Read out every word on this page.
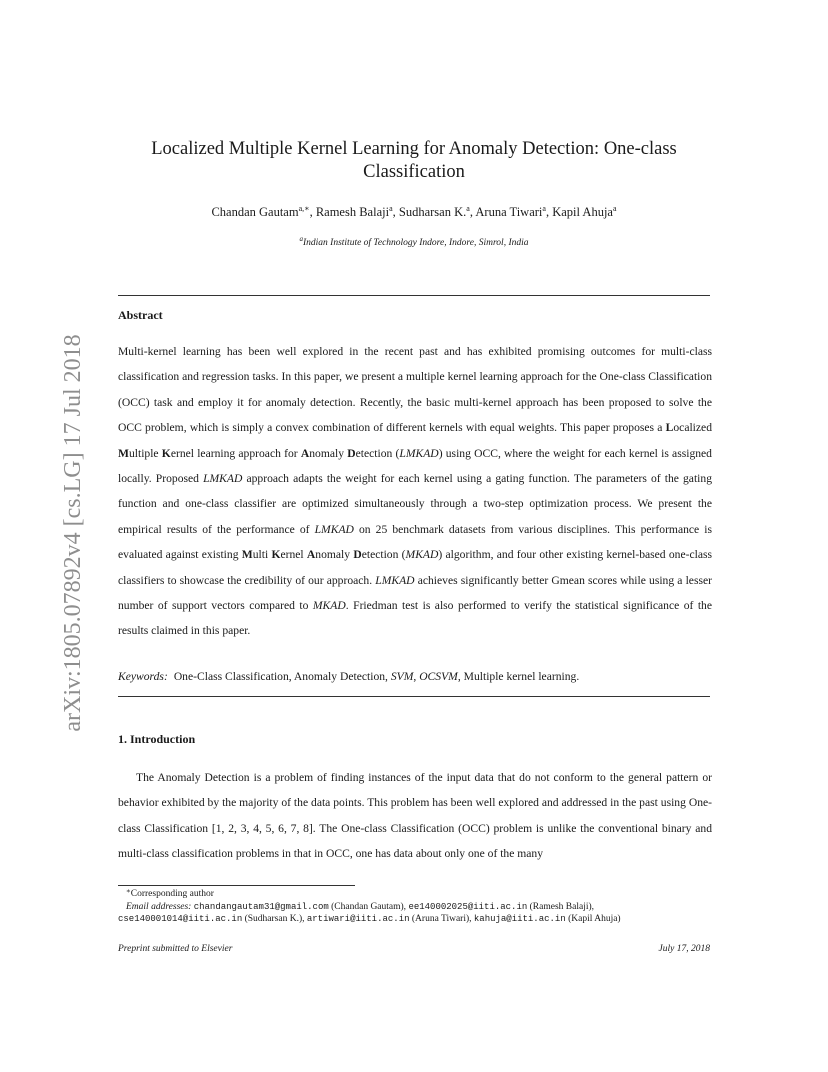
arXiv:1805.07892v4 [cs.LG] 17 Jul 2018
Localized Multiple Kernel Learning for Anomaly Detection: One-class
Classification
Chandan Gautam$^{a,∗}$, Ramesh Balaji$^a$, Sudharsan K.$^a$, Aruna Tiwari$^a$, Kapil Ahuja$^a$
$^a$Indian Institute of Technology Indore, Indore, Simrol, India
Abstract
Multi-kernel learning has been well explored in the recent past and has exhibited promising outcomes for multi-class classification and regression tasks. In this paper, we present a multiple kernel learning approach for the One-class Classification (OCC) task and employ it for anomaly detection. Recently, the basic multi-kernel approach has been proposed to solve the OCC problem, which is simply a convex combination of different kernels with equal weights. This paper proposes a Localized Multiple Kernel learning approach for Anomaly Detection (LMKAD) using OCC, where the weight for each kernel is assigned locally. Proposed LMKAD approach adapts the weight for each kernel using a gating function. The parameters of the gating function and one-class classifier are optimized simultaneously through a two-step optimization process. We present the empirical results of the performance of LMKAD on 25 benchmark datasets from various disciplines. This performance is evaluated against existing Multi Kernel Anomaly Detection (MKAD) algorithm, and four other existing kernel-based one-class classifiers to showcase the credibility of our approach. LMKAD achieves significantly better Gmean scores while using a lesser number of support vectors compared to MKAD. Friedman test is also performed to verify the statistical significance of the results claimed in this paper.
Keywords: One-Class Classification, Anomaly Detection, SVM, OCSVM, Multiple kernel learning.
1. Introduction
The Anomaly Detection is a problem of finding instances of the input data that do not conform to the general pattern or behavior exhibited by the majority of the data points. This problem has been well explored and addressed in the past using One-class Classification [1, 2, 3, 4, 5, 6, 7, 8]. The One-class Classification (OCC) problem is unlike the conventional binary and multi-class classification problems in that in OCC, one has data about only one of the many
∗Corresponding author
Email addresses: chandangautam31@gmail.com (Chandan Gautam), ee140002025@iiti.ac.in (Ramesh Balaji),
cse140001014@iiti.ac.in (Sudharsan K.), artiwari@iiti.ac.in (Aruna Tiwari), kahuja@iiti.ac.in (Kapil Ahuja)
Preprint submitted to Elsevier	July 17, 2018
